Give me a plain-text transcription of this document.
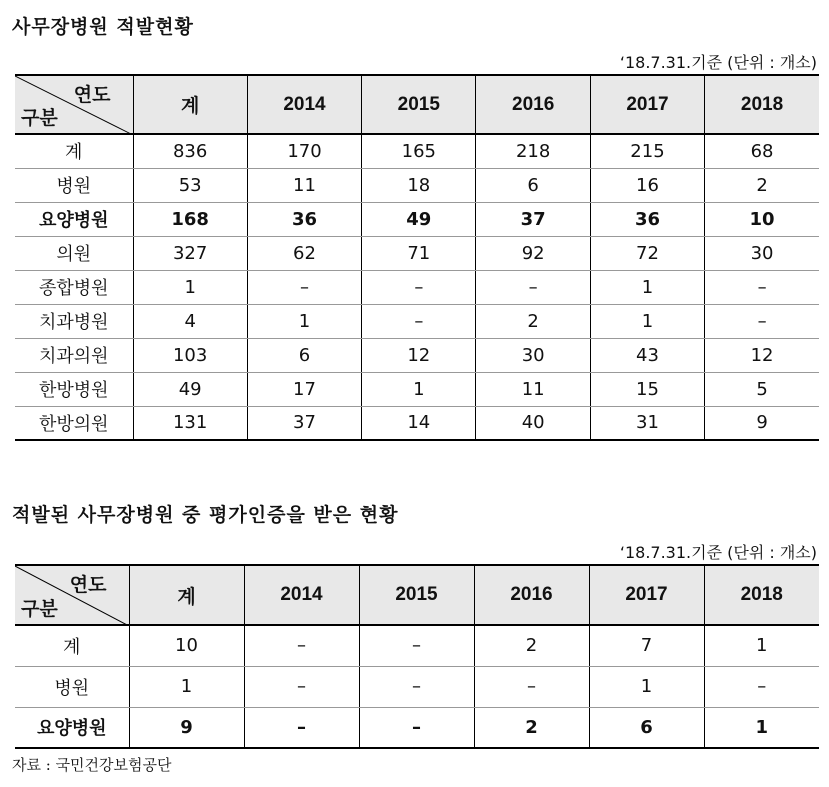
사무장병원 적발현황
‘18.7.31.기준 (단위 : 개소)
연도
구분	계	2014	2015	2016	2017	2018
계	836	170	165	218	215	68
병원	53	11	18	6	16	2
요양병원	168	36	49	37	36	10
의원	327	62	71	92	72	30
종합병원	1	–	–	–	1	–
치과병원	4	1	–	2	1	–
치과의원	103	6	12	30	43	12
한방병원	49	17	1	11	15	5
한방의원	131	37	14	40	31	9
적발된 사무장병원 중 평가인증을 받은 현황
‘18.7.31.기준 (단위 : 개소)
연도
구분	계	2014	2015	2016	2017	2018
계	10	–	–	2	7	1
병원	1	–	–	–	1	–
요양병원	9	–	–	2	6	1
자료 : 국민건강보험공단
